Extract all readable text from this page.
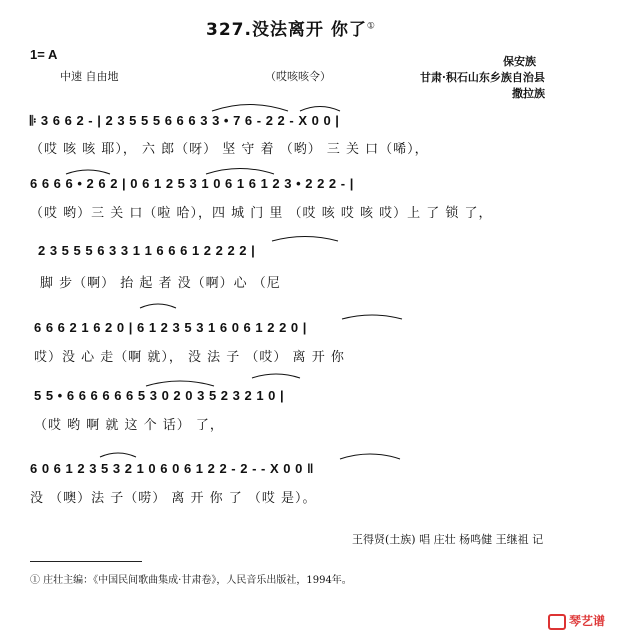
327.没法离开 你了①
1= A
中速 自由地	（哎咳咳令）
保安族
甘肃·积石山东乡族自治县
撒拉族
𝄆 3 6 6 2 - | 2 3 5 5 5 6 6 6 3 3 • 7 6 - 2 2 - X 0 0 |
（哎 咳 咳 耶）， 六 郎（呀） 坚 守 着 （哟） 三 关 口（唏），
6 6 6 6 • 2 6 2 | 0 6 1 2 5 3 1 0 6 1 6 1 2 3 • 2 2 2 - |
（哎 哟）三 关 口（啦 哈），四 城 门 里 （哎 咳 哎 咳 哎）上 了 锁 了，
2 3 5 5 5 6 3 3 1 1 6 6 6 1 2 2 2 2 |
脚 步（啊） 抬 起 者 没（啊）心 （尼
6 6 6 2 1 6 2 0 | 6 1 2 3 5 3 1 6 0 6 1 2 2 0 |
哎）没 心 走（啊 就）， 没 法 子 （哎） 离 开 你
5 5 • 6 6 6 6 6 6 5 3 0 2 0 3 5 2 3 2 1 0 |
（哎 哟 啊 就 这 个 话） 了，
6 0 6 1 2 3 5 3 2 1 0 6 0 6 1 2 2 - 2 - - X 0 0 ‖
没 （噢）法 子（唠） 离 开 你 了 （哎 是）。
王得贤(土族) 唱 庄壮 杨鸣健 王继祖 记
① 庄壮主编：《中国民间歌曲集成·甘肃卷》，人民音乐出版社，1994年。
琴艺谱
